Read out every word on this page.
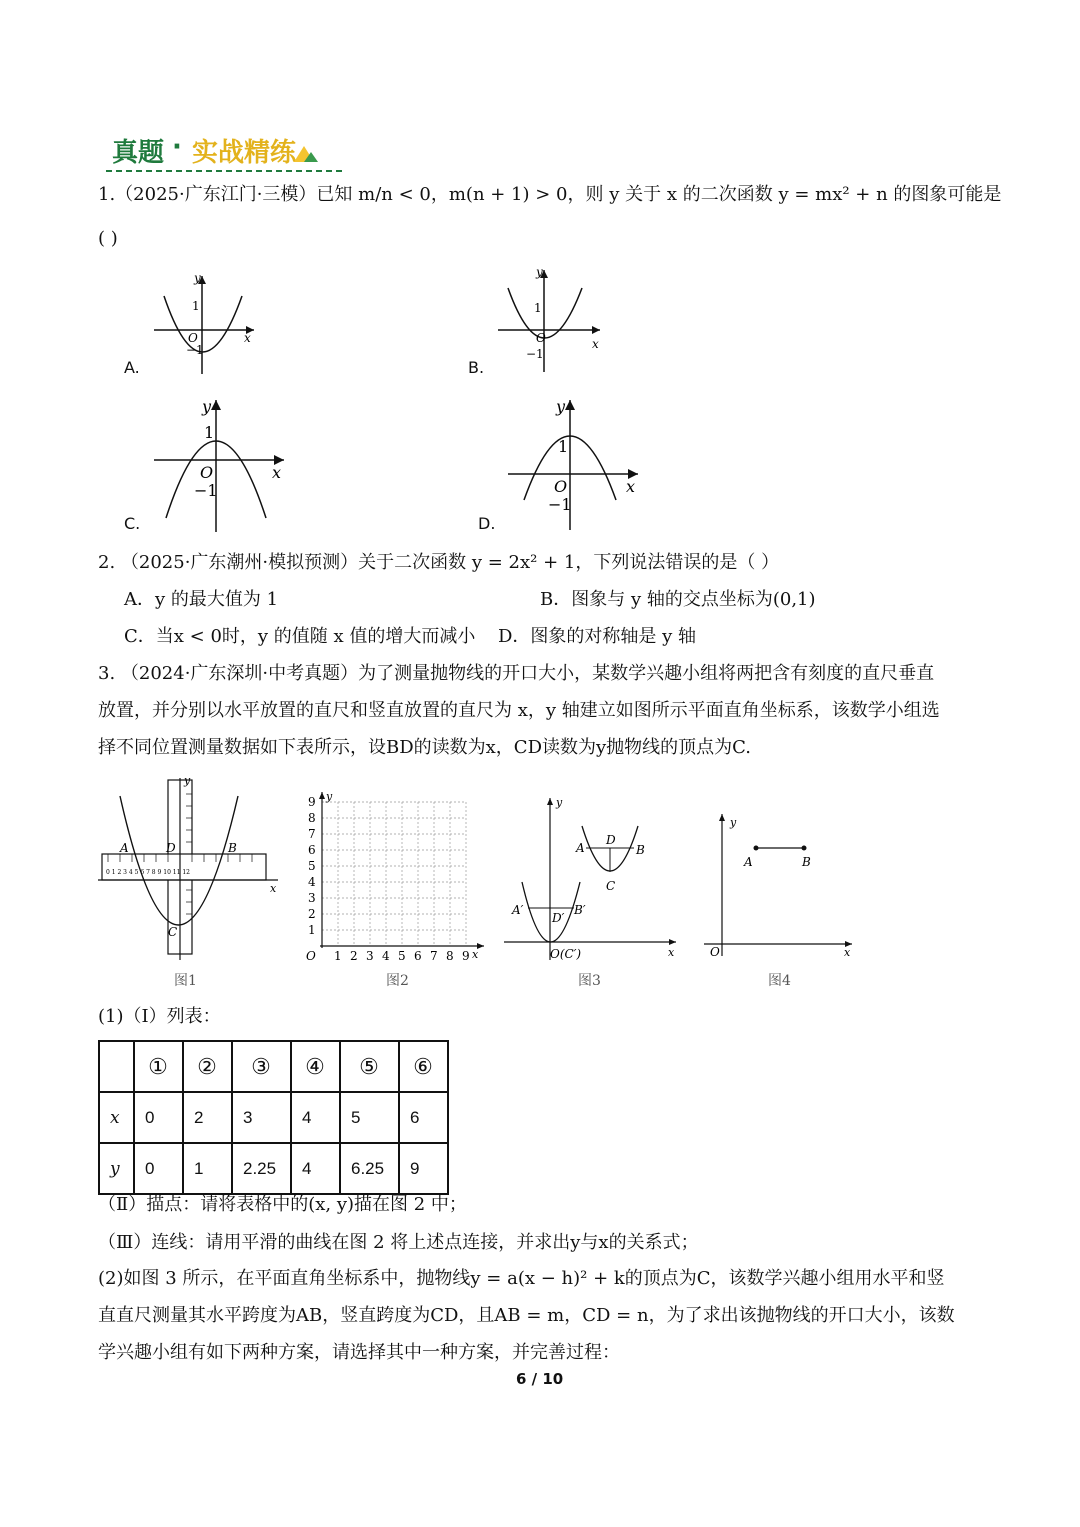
真题 · 实战精练
1.（2025·广东江门·三模）已知 m/n < 0，m(n + 1) > 0，则 y 关于 x 的二次函数 y = mx² + n 的图象可能是
( )
y
x
O
1
−1
A.
y
x
O
1
−1
B.
y
x
O
1
−1
C.
y
x
O
1
−1
D.
2. （2025·广东潮州·模拟预测）关于二次函数 y = 2x² + 1，下列说法错误的是（ ）
A．y 的最大值为 1	B．图象与 y 轴的交点坐标为(0,1)
C．当x < 0时，y 的值随 x 值的增大而减小 D．图象的对称轴是 y 轴
3. （2024·广东深圳·中考真题）为了测量抛物线的开口大小，某数学兴趣小组将两把含有刻度的直尺垂直
放置，并分别以水平放置的直尺和竖直放置的直尺为 x，y 轴建立如图所示平面直角坐标系，该数学小组选
择不同位置测量数据如下表所示，设BD的读数为x，CD读数为y抛物线的顶点为C.
A	B
D
C
y
x
0 1 2 3 4 5 6 7 8 9 10 11 12
图1
y
x
O
1
2
3
4
5
6
7
8
9
1 2 3 4 5 6 7 8 9
图2
y
x
A	B
D
C
A′	B′
D′
O(C′)
图3
y
x
O
A	B
图4
(1)（Ⅰ）列表：
	①	②	③	④	⑤	⑥
x	0	2	3	4	5	6
y	0	1	2.25	4	6.25	9
（Ⅱ）描点：请将表格中的(x, y)描在图 2 中；
（Ⅲ）连线：请用平滑的曲线在图 2 将上述点连接，并求出y与x的关系式；
(2)如图 3 所示，在平面直角坐标系中，抛物线y = a(x − h)² + k的顶点为C，该数学兴趣小组用水平和竖
直直尺测量其水平跨度为AB，竖直跨度为CD，且AB = m，CD = n，为了求出该抛物线的开口大小，该数
学兴趣小组有如下两种方案，请选择其中一种方案，并完善过程：
6 / 10
